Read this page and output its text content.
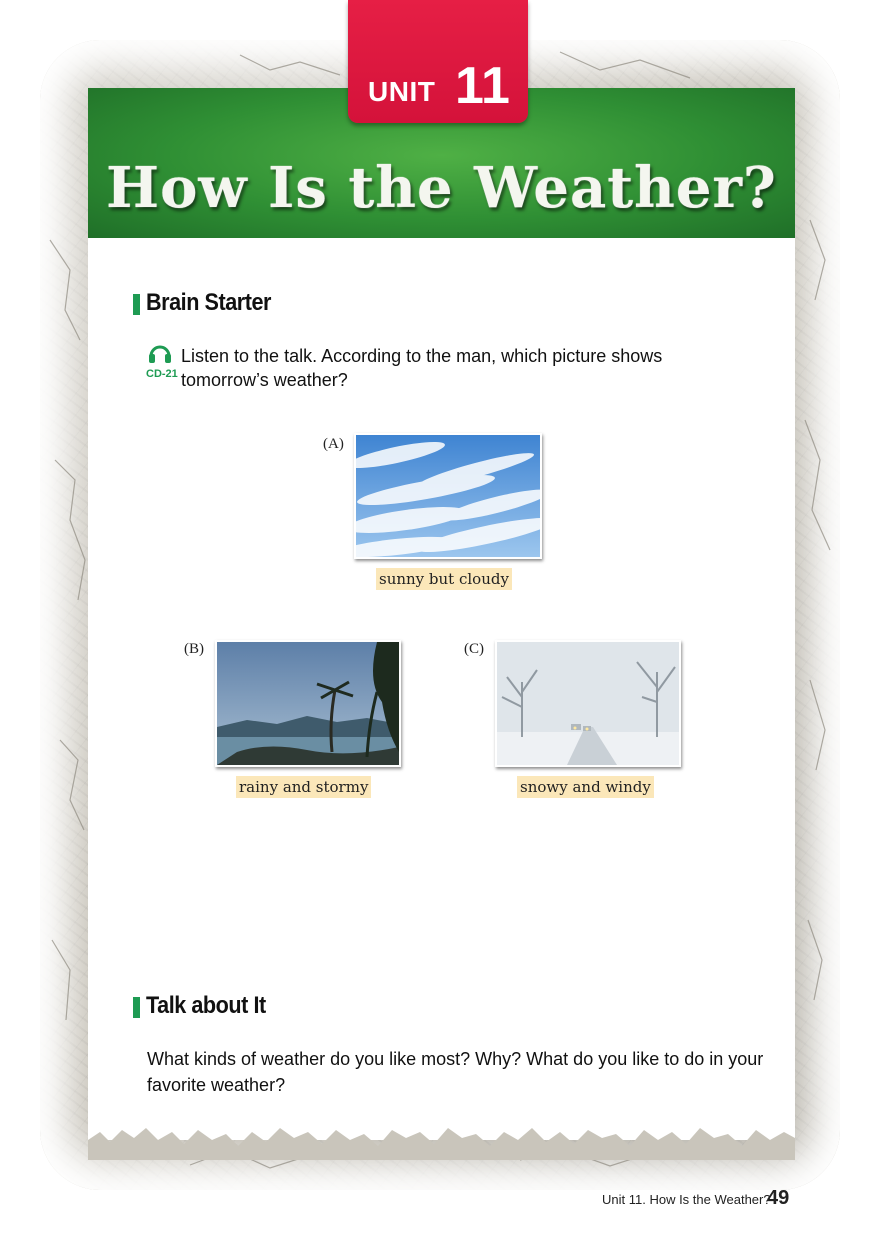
How Is the Weather?
UNIT 11
Brain Starter
CD-21
Listen to the talk. According to the man, which picture shows tomorrow’s weather?
(A)
sunny but cloudy
(B)
rainy and stormy
(C)
snowy and windy
Talk about It
What kinds of weather do you like most? Why? What do you like to do in your favorite weather?
Unit 11. How Is the Weather?
49
